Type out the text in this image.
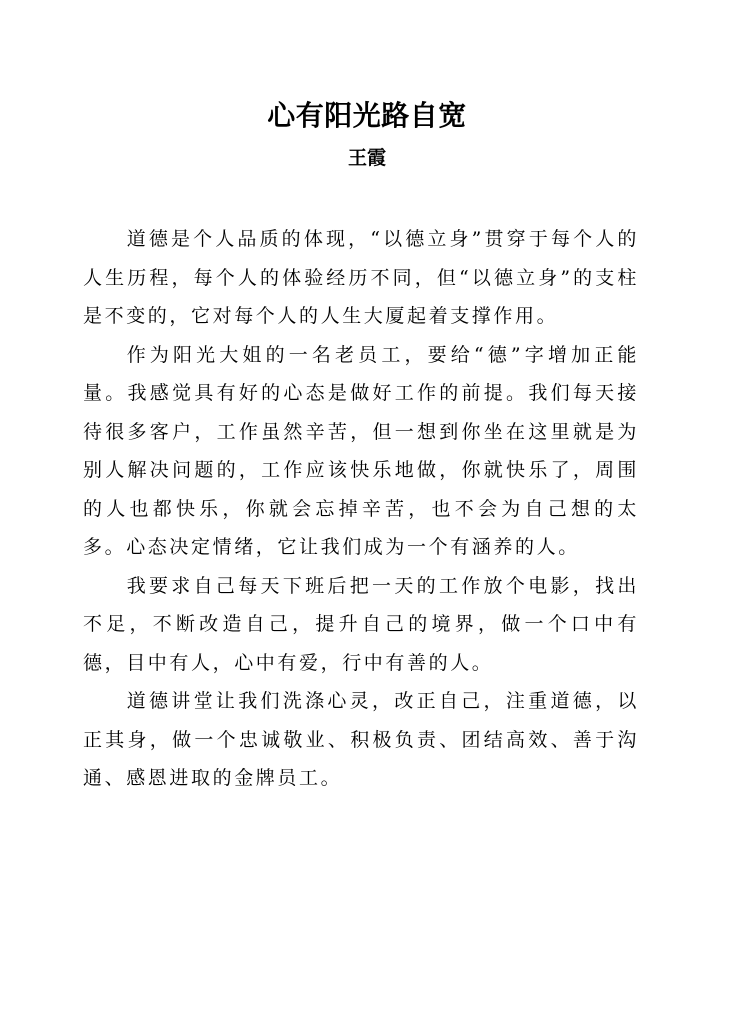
心有阳光路自宽
王霞

道德是个人品质的体现，“以德立身”贯穿于每个人的人生历程，每个人的体验经历不同，但“以德立身”的支柱是不变的，它对每个人的人生大厦起着支撑作用。

作为阳光大姐的一名老员工，要给“德”字增加正能量。我感觉具有好的心态是做好工作的前提。我们每天接待很多客户，工作虽然辛苦，但一想到你坐在这里就是为别人解决问题的，工作应该快乐地做，你就快乐了，周围的人也都快乐，你就会忘掉辛苦，也不会为自己想的太多。心态决定情绪，它让我们成为一个有涵养的人。

我要求自己每天下班后把一天的工作放个电影，找出不足，不断改造自己，提升自己的境界，做一个口中有德，目中有人，心中有爱，行中有善的人。

道德讲堂让我们洗涤心灵，改正自己，注重道德，以正其身，做一个忠诚敬业、积极负责、团结高效、善于沟通、感恩进取的金牌员工。
